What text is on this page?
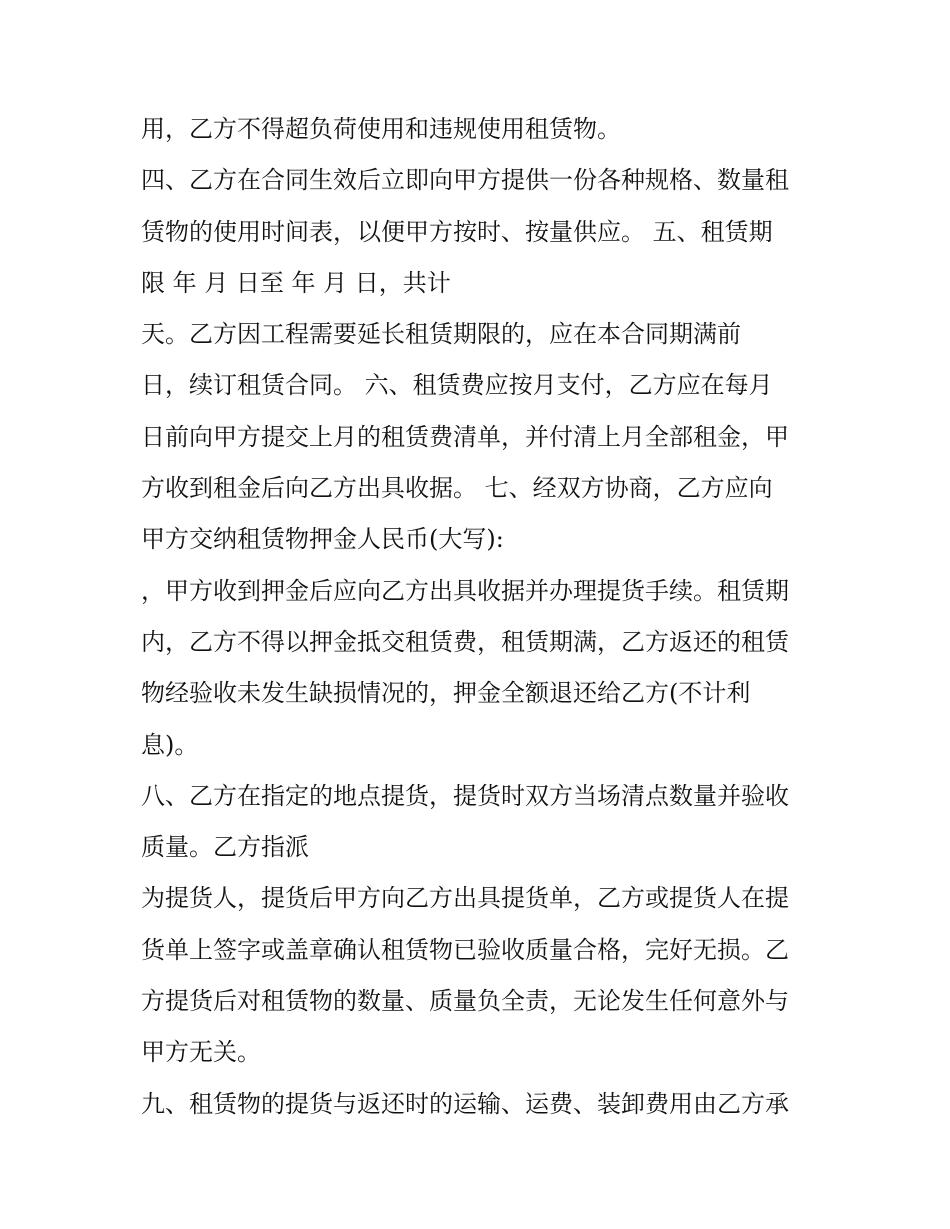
用，乙方不得超负荷使用和违规使用租赁物。
四、乙方在合同生效后立即向甲方提供一份各种规格、数量租
赁物的使用时间表，以便甲方按时、按量供应。 五、租赁期
限 年 月 日至 年 月 日，共计
天。乙方因工程需要延长租赁期限的，应在本合同期满前
日，续订租赁合同。 六、租赁费应按月支付，乙方应在每月
日前向甲方提交上月的租赁费清单，并付清上月全部租金，甲
方收到租金后向乙方出具收据。 七、经双方协商，乙方应向
甲方交纳租赁物押金人民币(大写):
，甲方收到押金后应向乙方出具收据并办理提货手续。租赁期
内，乙方不得以押金抵交租赁费，租赁期满，乙方返还的租赁
物经验收未发生缺损情况的，押金全额退还给乙方(不计利
息)。
八、乙方在指定的地点提货，提货时双方当场清点数量并验收
质量。乙方指派
为提货人，提货后甲方向乙方出具提货单，乙方或提货人在提
货单上签字或盖章确认租赁物已验收质量合格，完好无损。乙
方提货后对租赁物的数量、质量负全责，无论发生任何意外与
甲方无关。
九、租赁物的提货与返还时的运输、运费、装卸费用由乙方承
